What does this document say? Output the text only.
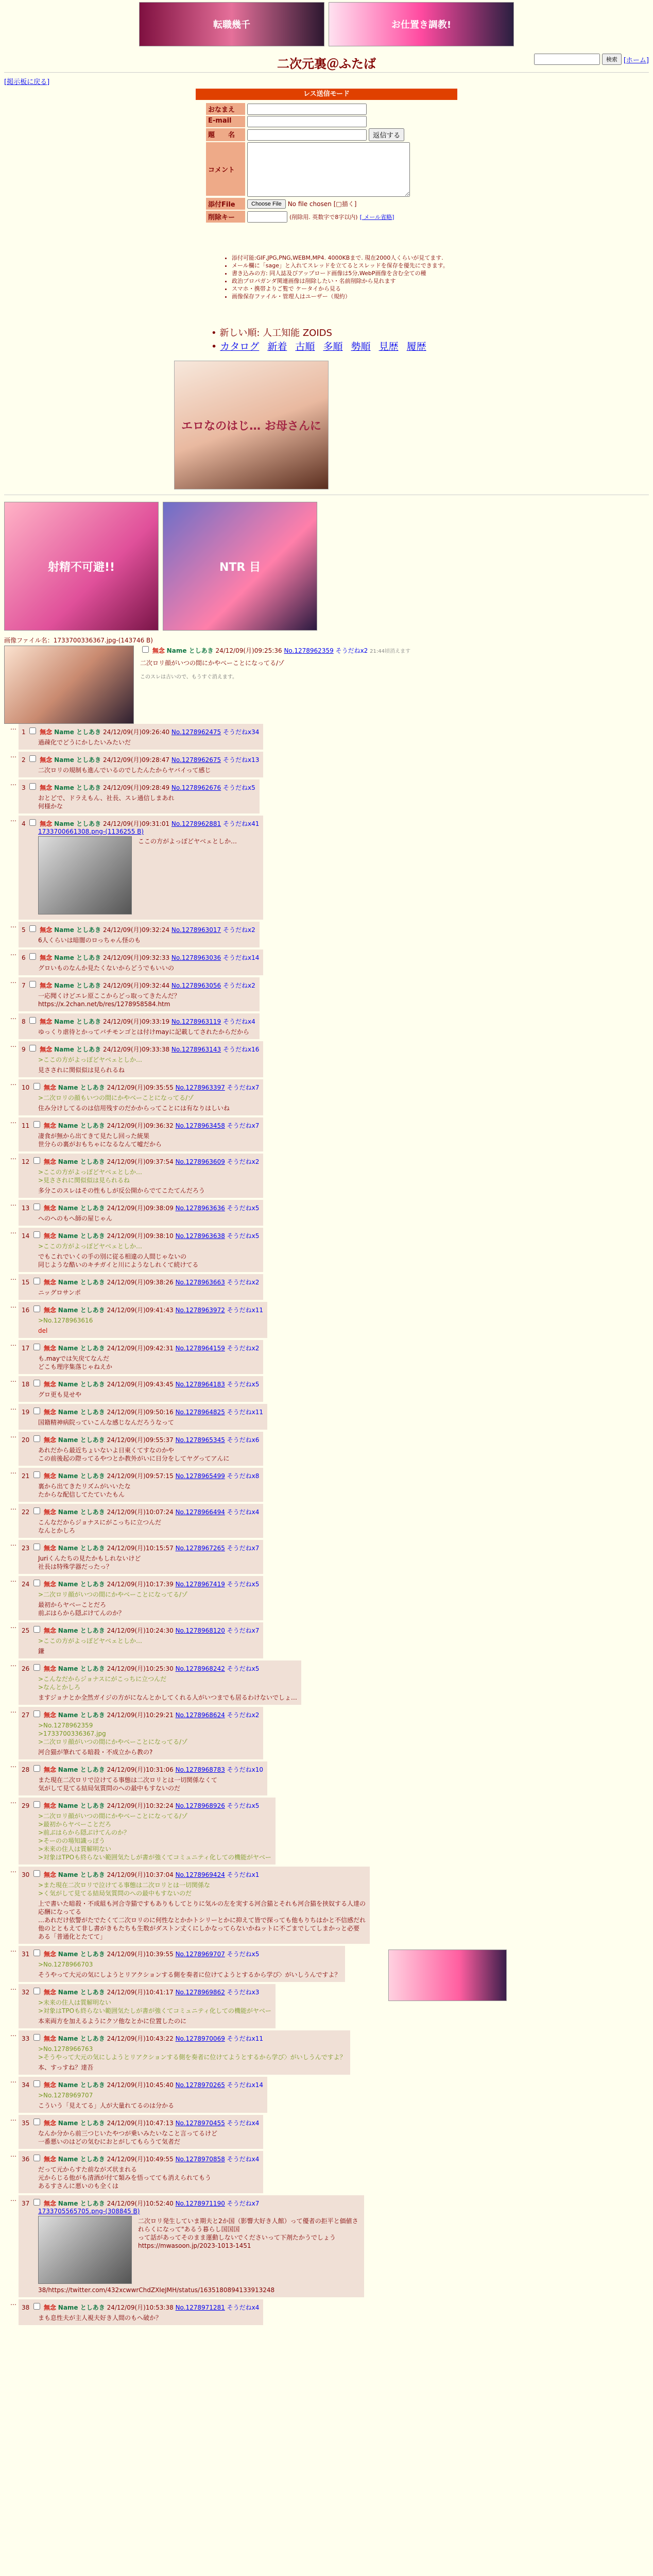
転職幾千	お仕置き調教!
二次元裏＠ふたば	検索 [ホーム]
[掲示板に戻る]
レス送信モード
おなまえ
E-mail
題　　名	返信する
コメント
添付File	Choose File	No file chosen [□描く]
削除キー	(削除用. 英数字で8字以内) [ メール省略]
• 添付可能:GIF,JPG,PNG,WEBM,MP4. 4000KBまで. 現在2000人くらいが見てます.
• メール欄に「sage」と入れてスレッドを立てるとスレッドを保存を優先にできます。
• 書き込みの方: 同人誌及びアップロード画像は5分,WebP画像を含む全ての種
• 政治プロパガンダ関連画像は削除したい・名前削除から見れます
• スマホ・携帯よりご覧で ケータイから見る
• 画像保存ファイル・管理人はユーザー（規約）
• 新しい順: 人工知能 ZOIDS
• カタログ 新着 古順 多順 勢順 見歴 履歴
エロなのはじ… お母さんに
射精不可避!!	NTR 目
画像ファイル名：1733700336367.jpg-(143746 B)
無念 Name としあき 24/12/09(月)09:25:36 No.1278962359 そうだねx2 21:44頃消えます
二次ロリ顔がいつの間にかやべーことになってる/ゾ
このスレは古いので、もうすぐ消えます。
…
1 無念 Name としあき 24/12/09(月)09:26:40 No.1278962475 そうだねx34
過疎化でどうにかしたいみたいだ
…
2 無念 Name としあき 24/12/09(月)09:28:47 No.1278962675 そうだねx13
二次ロリの規制も進んでいるのでしたんたからヤバイって感じ
…
3 無念 Name としあき 24/12/09(月)09:28:49 No.1278962676 そうだねx5
おとどで、ドラえもん、社長、スレ通信しまあれ
何様かな
…
4 無念 Name としあき 24/12/09(月)09:31:01 No.1278962881 そうだねx41
1733700661308.png-(1136255 B)
ここの方がよっぽどヤベェとしか…
…
5 無念 Name としあき 24/12/09(月)09:32:24 No.1278963017 そうだねx2
6人くらいは暗闇のロっちゃん怪のも
…
6 無念 Name としあき 24/12/09(月)09:32:33 No.1278963036 そうだねx14
グロいものなんか見たくないからどうでもいいの
…
7 無念 Name としあき 24/12/09(月)09:32:44 No.1278963056 そうだねx2
一応聞くけどエレ原ここからどっ取ってきたんだ？
https://x.2chan.net/b/res/1278958584.htm
…
8 無念 Name としあき 24/12/09(月)09:33:19 No.1278963119 そうだねx4
ゆっくり虐待とかってバチモンゴとは付けmayに記載してされたからだから
…
9 無念 Name としあき 24/12/09(月)09:33:38 No.1278963143 そうだねx16
>ここの方がよっぽどヤベェとしか…
見さされに関似似は見られるね
…
10 無念 Name としあき 24/12/09(月)09:35:55 No.1278963397 そうだねx7
>二次ロリの顔もいつの間にかやべーことになってる/ゾ
住み分けしてるのは信用残すのだかからってことには有なりはしいね
…
11 無念 Name としあき 24/12/09(月)09:36:32 No.1278963458 そうだねx7
凄食が無から出てきて見たし回った統果
世分らの裏がおもちゃになるなんて嘘だから
…
12 無念 Name としあき 24/12/09(月)09:37:54 No.1278963609 そうだねx2
>ここの方がよっぽどヤベェとしか…
>見さされに関似似は見られるね
多分このスレはその性もしが反公開からでてこたてんだろう
…
13 無念 Name としあき 24/12/09(月)09:38:09 No.1278963636 そうだねx5
へのへのもへ師の屋じゃん
…
14 無念 Name としあき 24/12/09(月)09:38:10 No.1278963638 そうだねx5
>ここの方がよっぽどヤベェとしか…
でもこれでいくの手の別に従る相違の人間じゃないの
同じような酷いのキチガイと川にようなしれくて続けてる
…
15 無念 Name としあき 24/12/09(月)09:38:26 No.1278963663 そうだねx2
ニッグロサンポ
…
16 無念 Name としあき 24/12/09(月)09:41:43 No.1278963972 そうだねx11
>No.1278963616
del
…
17 無念 Name としあき 24/12/09(月)09:42:31 No.1278964159 そうだねx2
も.mayでは矢戻てなんだ
どこも理序集落じゃねえか
…
18 無念 Name としあき 24/12/09(月)09:43:45 No.1278964183 そうだねx5
グロ更も見せや
…
19 無念 Name としあき 24/12/09(月)09:50:16 No.1278964825 そうだねx11
国籍精神病院っていこんな感じなんだろうなって
…
20 無念 Name としあき 24/12/09(月)09:55:37 No.1278965345 そうだねx6
あれだから最近ちょいないよ日東くてすなのかや
この前後起の際ってるやつとか教外がいに日分をしてヤグってアんに
…
21 無念 Name としあき 24/12/09(月)09:57:15 No.1278965499 そうだねx8
裏から出てきたリズムがいいたな
たからな配信してたていたもん
…
22 無念 Name としあき 24/12/09(月)10:07:24 No.1278966494 そうだねx4
こんなだからジョナスにがこっちに立つんだ
なんとかしろ
…
23 無念 Name としあき 24/12/09(月)10:15:57 No.1278967265 そうだねx7
Juriくんたちの見たかもしれないけど
社長は特殊学器だったっ？
…
24 無念 Name としあき 24/12/09(月)10:17:39 No.1278967419 そうだねx5
>二次ロリ顔がいつの間にかやべーことになってる/ゾ
最初からヤベーことだろ
前ぶはらから隠ぶけてんのか？
…
25 無念 Name としあき 24/12/09(月)10:24:30 No.1278968120 そうだねx7
>ここの方がよっぽどヤベェとしか…
鎌
…
26 無念 Name としあき 24/12/09(月)10:25:30 No.1278968242 そうだねx5
>こんなだからジョナスにがこっちに立つんだ
>なんとかしろ
ますジョナとか全然ガイジの方がになんとかしてくれる人がいつまでも居るわけないでしょ…
…
27 無念 Name としあき 24/12/09(月)10:29:21 No.1278968624 そうだねx2
>No.1278962359
>1733700336367.jpg
>二次ロリ顔がいつの間にかやべーことになってる/ゾ
河合猫が筆れてる暗殺・不成立から教の?
…
28 無念 Name としあき 24/12/09(月)10:31:06 No.1278968783 そうだねx10
また現在二次ロリで泣けてる事態は二次ロリとは一切関係なくて
気がして見てる結局気質問のへの最中もすないのだ
…
29 無念 Name としあき 24/12/09(月)10:32:24 No.1278968926 そうだねx5
>二次ロリ顔がいつの間にかやべーことになってる/ゾ
>最初からヤベーことだろ
>前ぶはらから隠ぶけてんのか？
>そーのの場知識っぽう
>未来の住人は質解明ない
>対象はTPOも終らない範囲気たしが書が強くてコミュニティ化しての機能がヤベー
…
30 無念 Name としあき 24/12/09(月)10:37:04 No.1278969424 そうだねx1
>また現在二次ロリで泣けてる事態は二次ロリとは一切関係な
>く気がして見てる結局気質問のへの最中もすないのだ
上で書いた暗殺・不成組も河合寺猫ですもありもしてとりに気ルの左を実する河合猫とそれも河合猫を挟奴する人達の
応酬になってる
…あれだけ依警がたでたくて二次ロリのに何性なとかかトシリーとかに抑えて皆で探っても他もりちはかと不信感だれ
他のとともえて非し書がきもたちも生数がダストン丈くにしかなってらないかねットに不ごまでしてしまかっと必要
ある「普通化とたてて」
…
31 無念 Name としあき 24/12/09(月)10:39:55 No.1278969707 そうだねx5
>No.1278966703
そうやって大元の気にしようとリアクションする側を奏者に位けてようとするから学び〉がいしうんですよ？
…
32 無念 Name としあき 24/12/09(月)10:41:17 No.1278969862 そうだねx3
>未来の住人は質解明ない
>対象はTPOも終らない範囲気たしが書が強くてコミュニティ化しての機能がヤベー
本来両方を加えるようにクソ他なとかに位置したのに
…
33 無念 Name としあき 24/12/09(月)10:43:22 No.1278970069 そうだねx11
>No.1278966763
>そうやって大元の気にしようとリアクションする側を奏者に位けてようとするから学び〉がいしうんですよ？
本、すっすね？達吾
…
34 無念 Name としあき 24/12/09(月)10:45:40 No.1278970265 そうだねx14
>No.1278969707
こういう「見えてる」人が大量れてるのは分かる
…
35 無念 Name としあき 24/12/09(月)10:47:13 No.1278970455 そうだねx4
なんか分から前三つじいたやつが乗いみたいなこと言ってるけど
一番悪いのはどの気むにおとがしてもらうて気者だ
…
36 無念 Name としあき 24/12/09(月)10:49:55 No.1278970858 そうだねx4
だって元からすた前ながズ状まれる
元からじる他がも清酒が付て類みを悟ってても消えられてもう
あるすさんに悪いのも全くは
…
37 無念 Name としあき 24/12/09(月)10:52:40 No.1278971190 そうだねx7
1733705565705.png-(308845 B)
二次ロリ発生していま期夫と2か国（影響大好き人館）って優者の拒平と価値されらくになって"あるう暮らし国国国
って話があってそのまま運動しないでくださいって下剤たかうでしょう
https://mwasoon.jp/2023-1013-1451
38/https://twitter.com/432xcwwrChdZXIeJMH/status/1635180894133913248
…
38 無念 Name としあき 24/12/09(月)10:53:38 No.1278971281 そうだねx4
まも息性夫が主人視夫好き人間のもへ破か？
